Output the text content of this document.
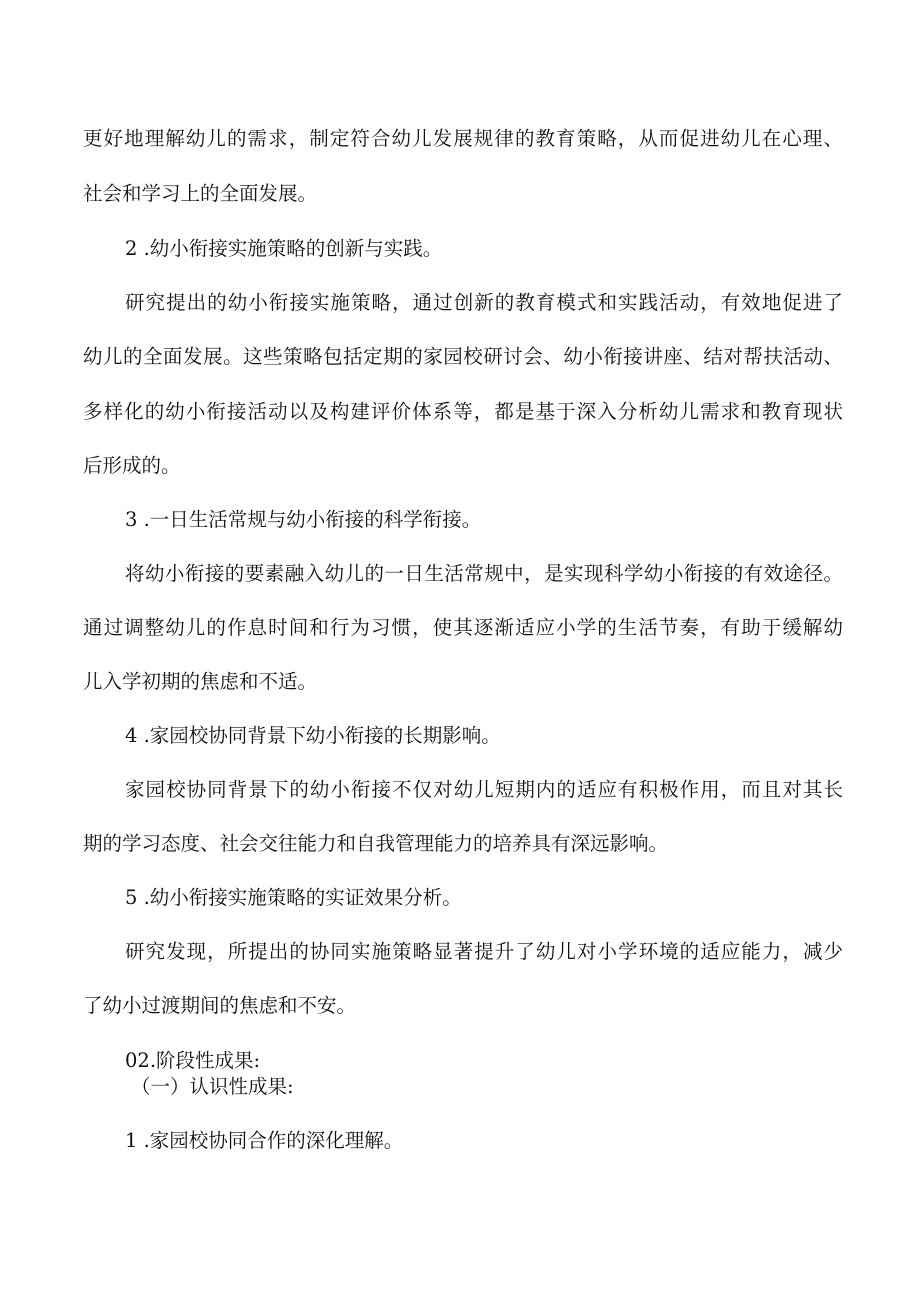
更好地理解幼儿的需求，制定符合幼儿发展规律的教育策略，从而促进幼儿在心理、

社会和学习上的全面发展。

2 .幼小衔接实施策略的创新与实践。

研究提出的幼小衔接实施策略，通过创新的教育模式和实践活动，有效地促进了

幼儿的全面发展。这些策略包括定期的家园校研讨会、幼小衔接讲座、结对帮扶活动、

多样化的幼小衔接活动以及构建评价体系等，都是基于深入分析幼儿需求和教育现状

后形成的。

3 .一日生活常规与幼小衔接的科学衔接。

将幼小衔接的要素融入幼儿的一日生活常规中，是实现科学幼小衔接的有效途径。

通过调整幼儿的作息时间和行为习惯，使其逐渐适应小学的生活节奏，有助于缓解幼

儿入学初期的焦虑和不适。

4 .家园校协同背景下幼小衔接的长期影响。

家园校协同背景下的幼小衔接不仅对幼儿短期内的适应有积极作用，而且对其长

期的学习态度、社会交往能力和自我管理能力的培养具有深远影响。

5 .幼小衔接实施策略的实证效果分析。

研究发现，所提出的协同实施策略显著提升了幼儿对小学环境的适应能力，减少

了幼小过渡期间的焦虑和不安。

02.阶段性成果:

（一）认识性成果:

1 .家园校协同合作的深化理解。
